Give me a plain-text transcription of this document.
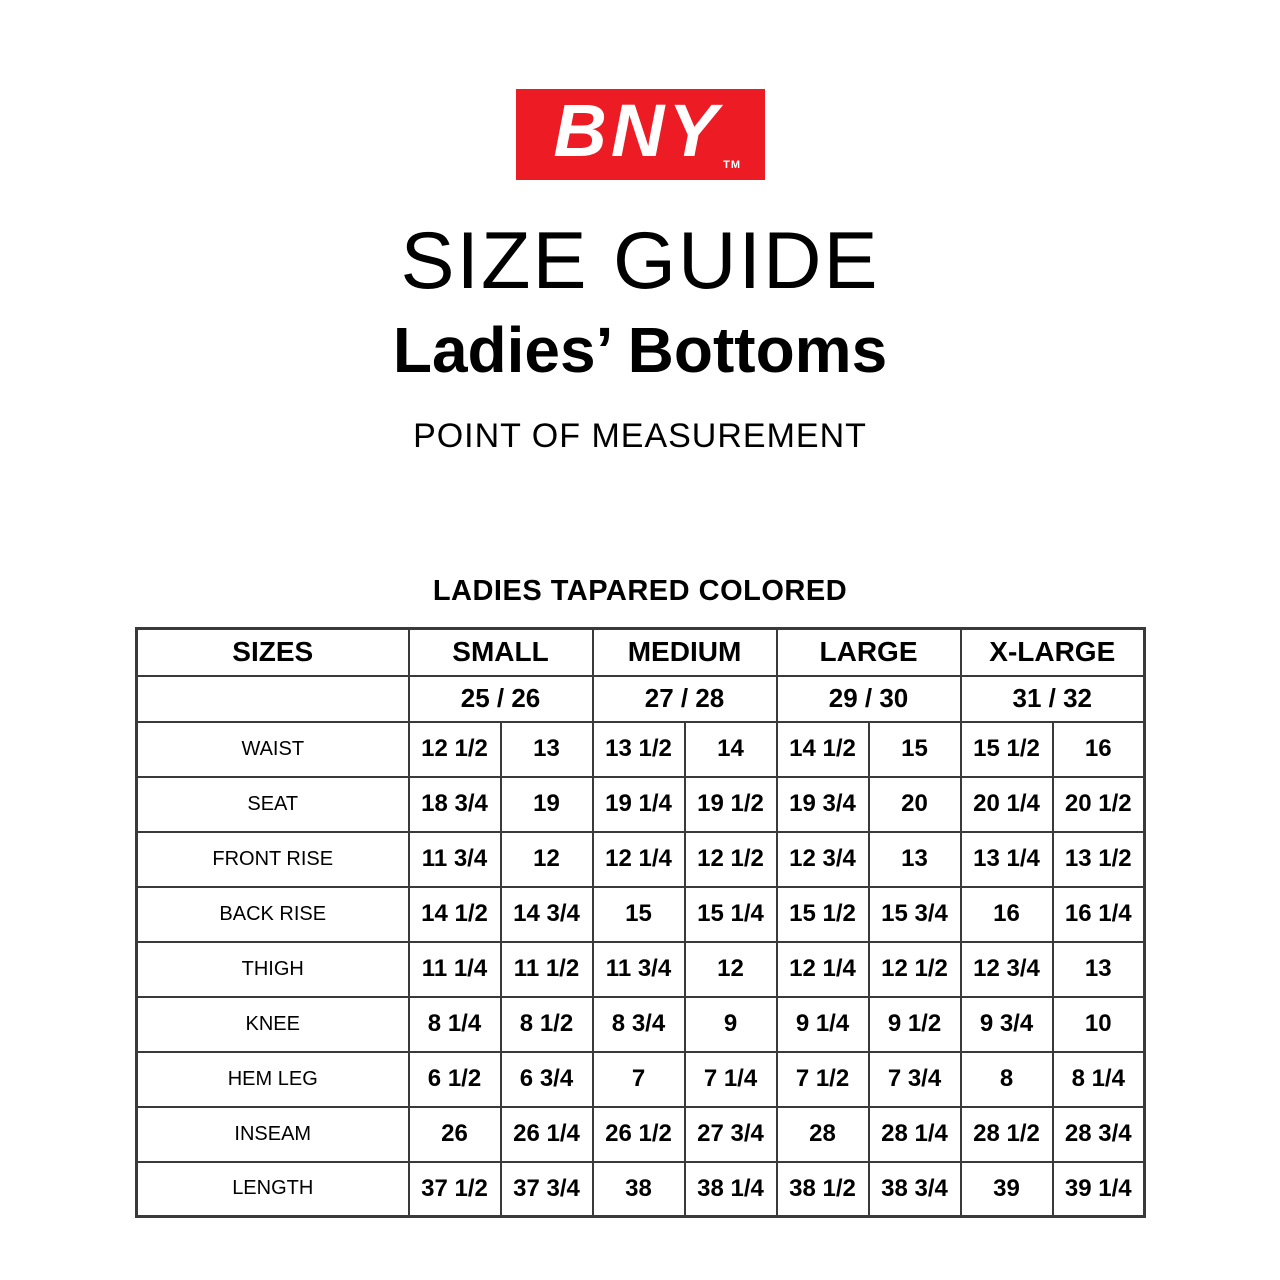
BNY TM
SIZE GUIDE
Ladies’ Bottoms
POINT OF MEASUREMENT
LADIES TAPARED COLORED
SIZES	SMALL		MEDIUM		LARGE		X-LARGE	
	25 / 26		27 / 28		29 / 30		31 / 32	
WAIST	12 1/2	13	13 1/2	14	14 1/2	15	15 1/2	16
SEAT	18 3/4	19	19 1/4	19 1/2	19 3/4	20	20 1/4	20 1/2
FRONT RISE	11 3/4	12	12 1/4	12 1/2	12 3/4	13	13 1/4	13 1/2
BACK RISE	14 1/2	14 3/4	15	15 1/4	15 1/2	15 3/4	16	16 1/4
THIGH	11 1/4	11 1/2	11 3/4	12	12 1/4	12 1/2	12 3/4	13
KNEE	8 1/4	8 1/2	8 3/4	9	9 1/4	9 1/2	9 3/4	10
HEM LEG	6 1/2	6 3/4	7	7 1/4	7 1/2	7 3/4	8	8 1/4
INSEAM	26	26 1/4	26 1/2	27 3/4	28	28 1/4	28 1/2	28 3/4
LENGTH	37 1/2	37 3/4	38	38 1/4	38 1/2	38 3/4	39	39 1/4
